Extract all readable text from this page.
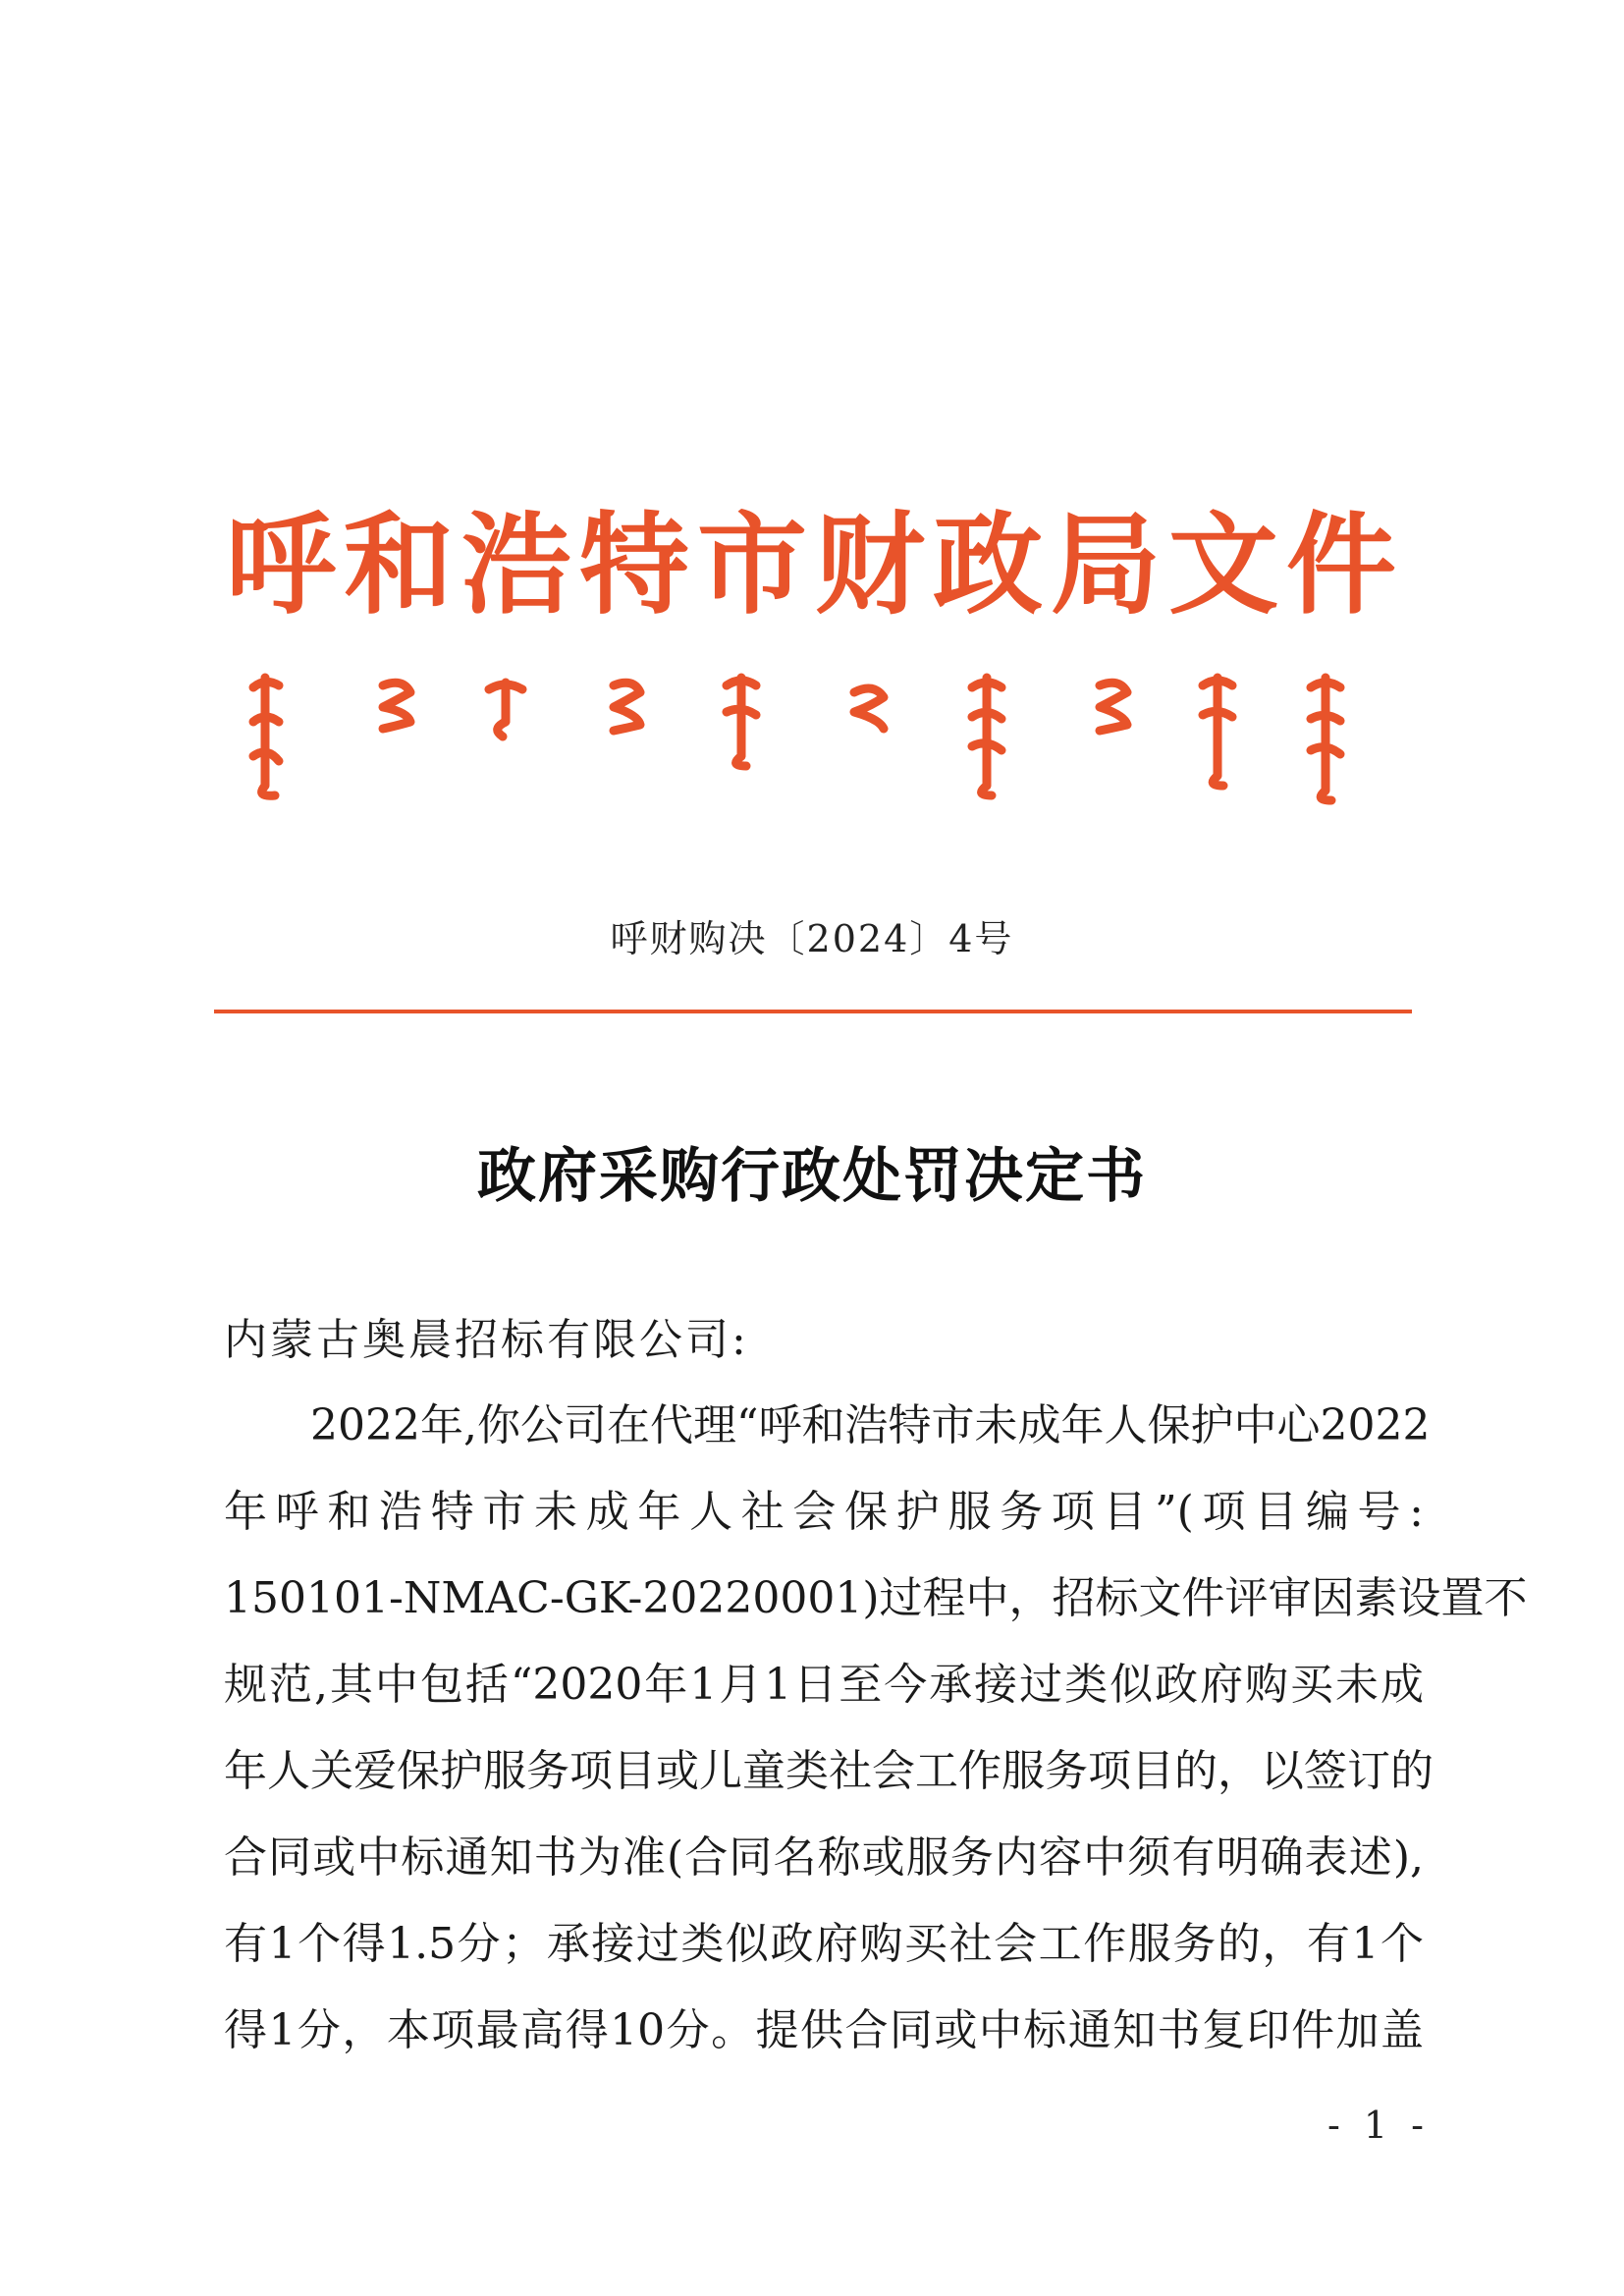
呼和浩特市财政局文件
呼财购决〔2024〕4号
政府采购行政处罚决定书
内蒙古奥晨招标有限公司:
2022年,你公司在代理“呼和浩特市未成年人保护中心2022
年呼和浩特市未成年人社会保护服务项目”(项目编号:
150101-NMAC-GK-20220001)过程中，招标文件评审因素设置不
规范,其中包括“2020年1月1日至今承接过类似政府购买未成
年人关爱保护服务项目或儿童类社会工作服务项目的，以签订的
合同或中标通知书为准(合同名称或服务内容中须有明确表述),
有1个得1.5分；承接过类似政府购买社会工作服务的，有1个
得1分，本项最高得10分。提供合同或中标通知书复印件加盖
- 1 -
